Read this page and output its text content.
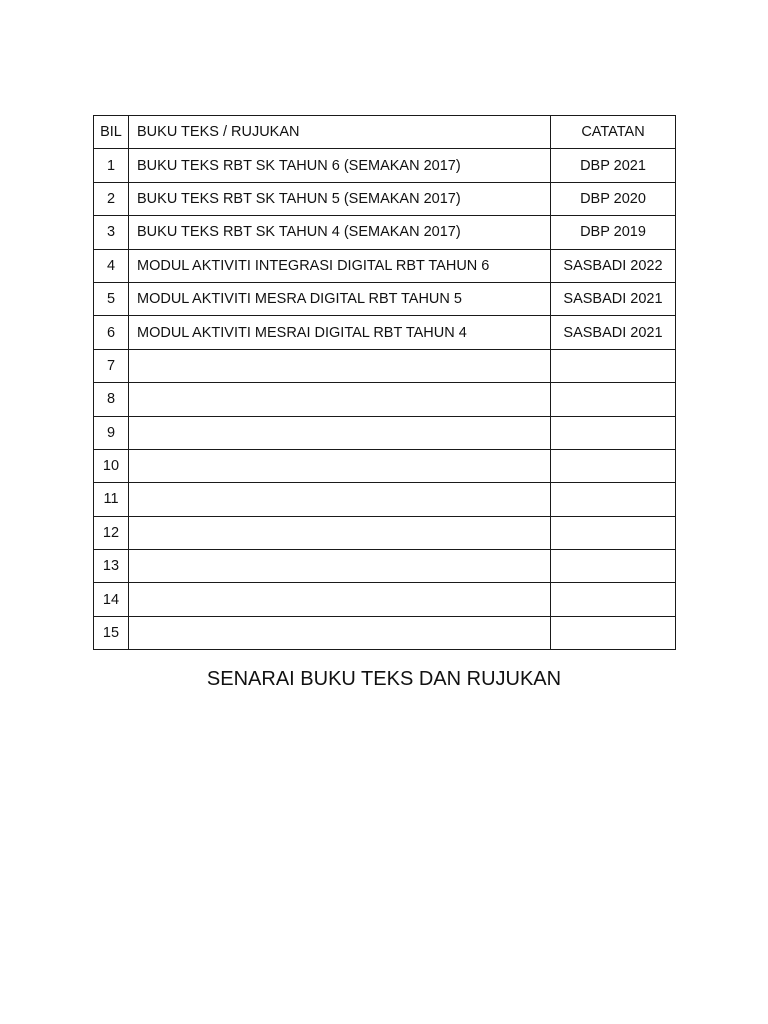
BIL	BUKU TEKS / RUJUKAN	CATATAN
1	BUKU TEKS RBT SK TAHUN 6 (SEMAKAN 2017)	DBP 2021
2	BUKU TEKS RBT SK TAHUN 5 (SEMAKAN 2017)	DBP 2020
3	BUKU TEKS RBT SK TAHUN 4 (SEMAKAN 2017)	DBP 2019
4	MODUL AKTIVITI INTEGRASI DIGITAL RBT TAHUN 6	SASBADI 2022
5	MODUL AKTIVITI MESRA DIGITAL RBT TAHUN 5	SASBADI 2021
6	MODUL AKTIVITI MESRAI DIGITAL RBT TAHUN 4	SASBADI 2021
7		
8		
9		
10		
11		
12		
13		
14		
15		
SENARAI BUKU TEKS DAN RUJUKAN
